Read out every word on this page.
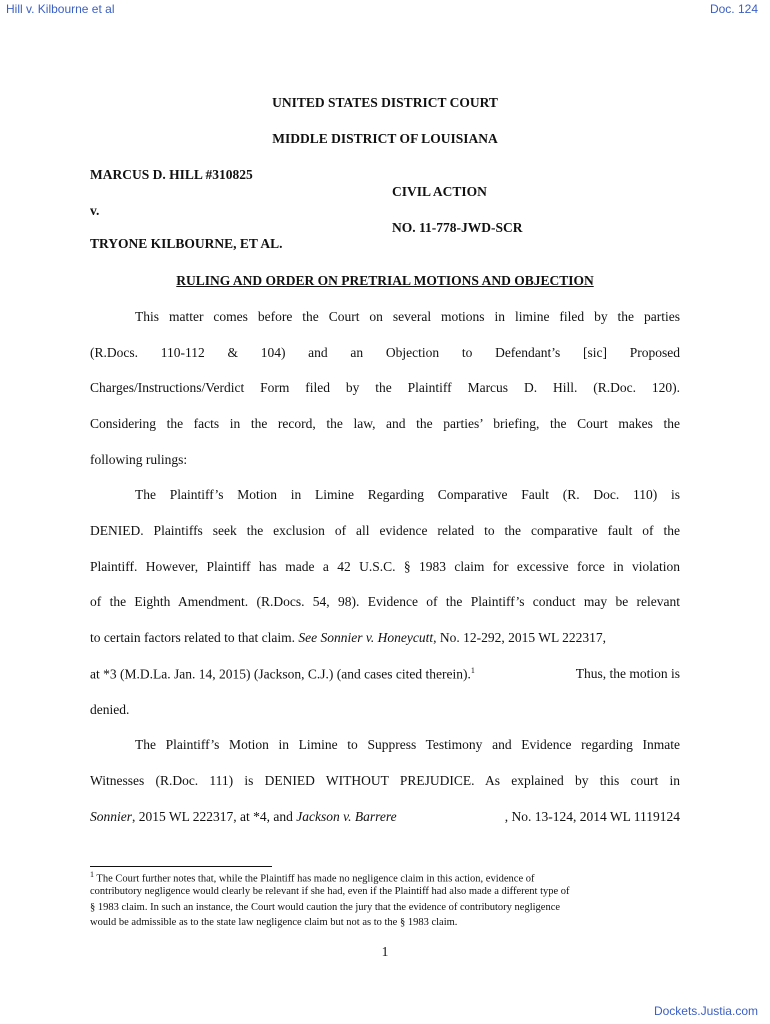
Hill v. Kilbourne et al	Doc. 124
UNITED STATES DISTRICT COURT
MIDDLE DISTRICT OF LOUISIANA
MARCUS D. HILL #310825
CIVIL ACTION
v.
NO. 11-778-JWD-SCR
TRYONE KILBOURNE, ET AL.
RULING AND ORDER ON PRETRIAL MOTIONS AND OBJECTION
This matter comes before the Court on several motions in limine filed by the parties
(R.Docs. 110-112 & 104) and an Objection to Defendant’s [sic] Proposed
Charges/Instructions/Verdict Form filed by the Plaintiff Marcus D. Hill. (R.Doc. 120).
Considering the facts in the record, the law, and the parties’ briefing, the Court makes the
following rulings:
The Plaintiff’s Motion in Limine Regarding Comparative Fault (R. Doc. 110) is
DENIED. Plaintiffs seek the exclusion of all evidence related to the comparative fault of the
Plaintiff. However, Plaintiff has made a 42 U.S.C. § 1983 claim for excessive force in violation
of the Eighth Amendment. (R.Docs. 54, 98). Evidence of the Plaintiff’s conduct may be relevant
to certain factors related to that claim. See Sonnier v. Honeycutt, No. 12-292, 2015 WL 222317,
at *3 (M.D.La. Jan. 14, 2015) (Jackson, C.J.) (and cases cited therein).$^1$	Thus, the motion is
denied.
The Plaintiff’s Motion in Limine to Suppress Testimony and Evidence regarding Inmate
Witnesses (R.Doc. 111) is DENIED WITHOUT PREJUDICE. As explained by this court in
Sonnier, 2015 WL 222317, at *4, and Jackson v. Barrere	, No. 13-124, 2014 WL 1119124
$^1$ The Court further notes that, while the Plaintiff has made no negligence claim in this action, evidence of
contributory negligence would clearly be relevant if she had, even if the Plaintiff had also made a different type of
§ 1983 claim. In such an instance, the Court would caution the jury that the evidence of contributory negligence
would be admissible as to the state law negligence claim but not as to the § 1983 claim.
1
Dockets.Justia.com
